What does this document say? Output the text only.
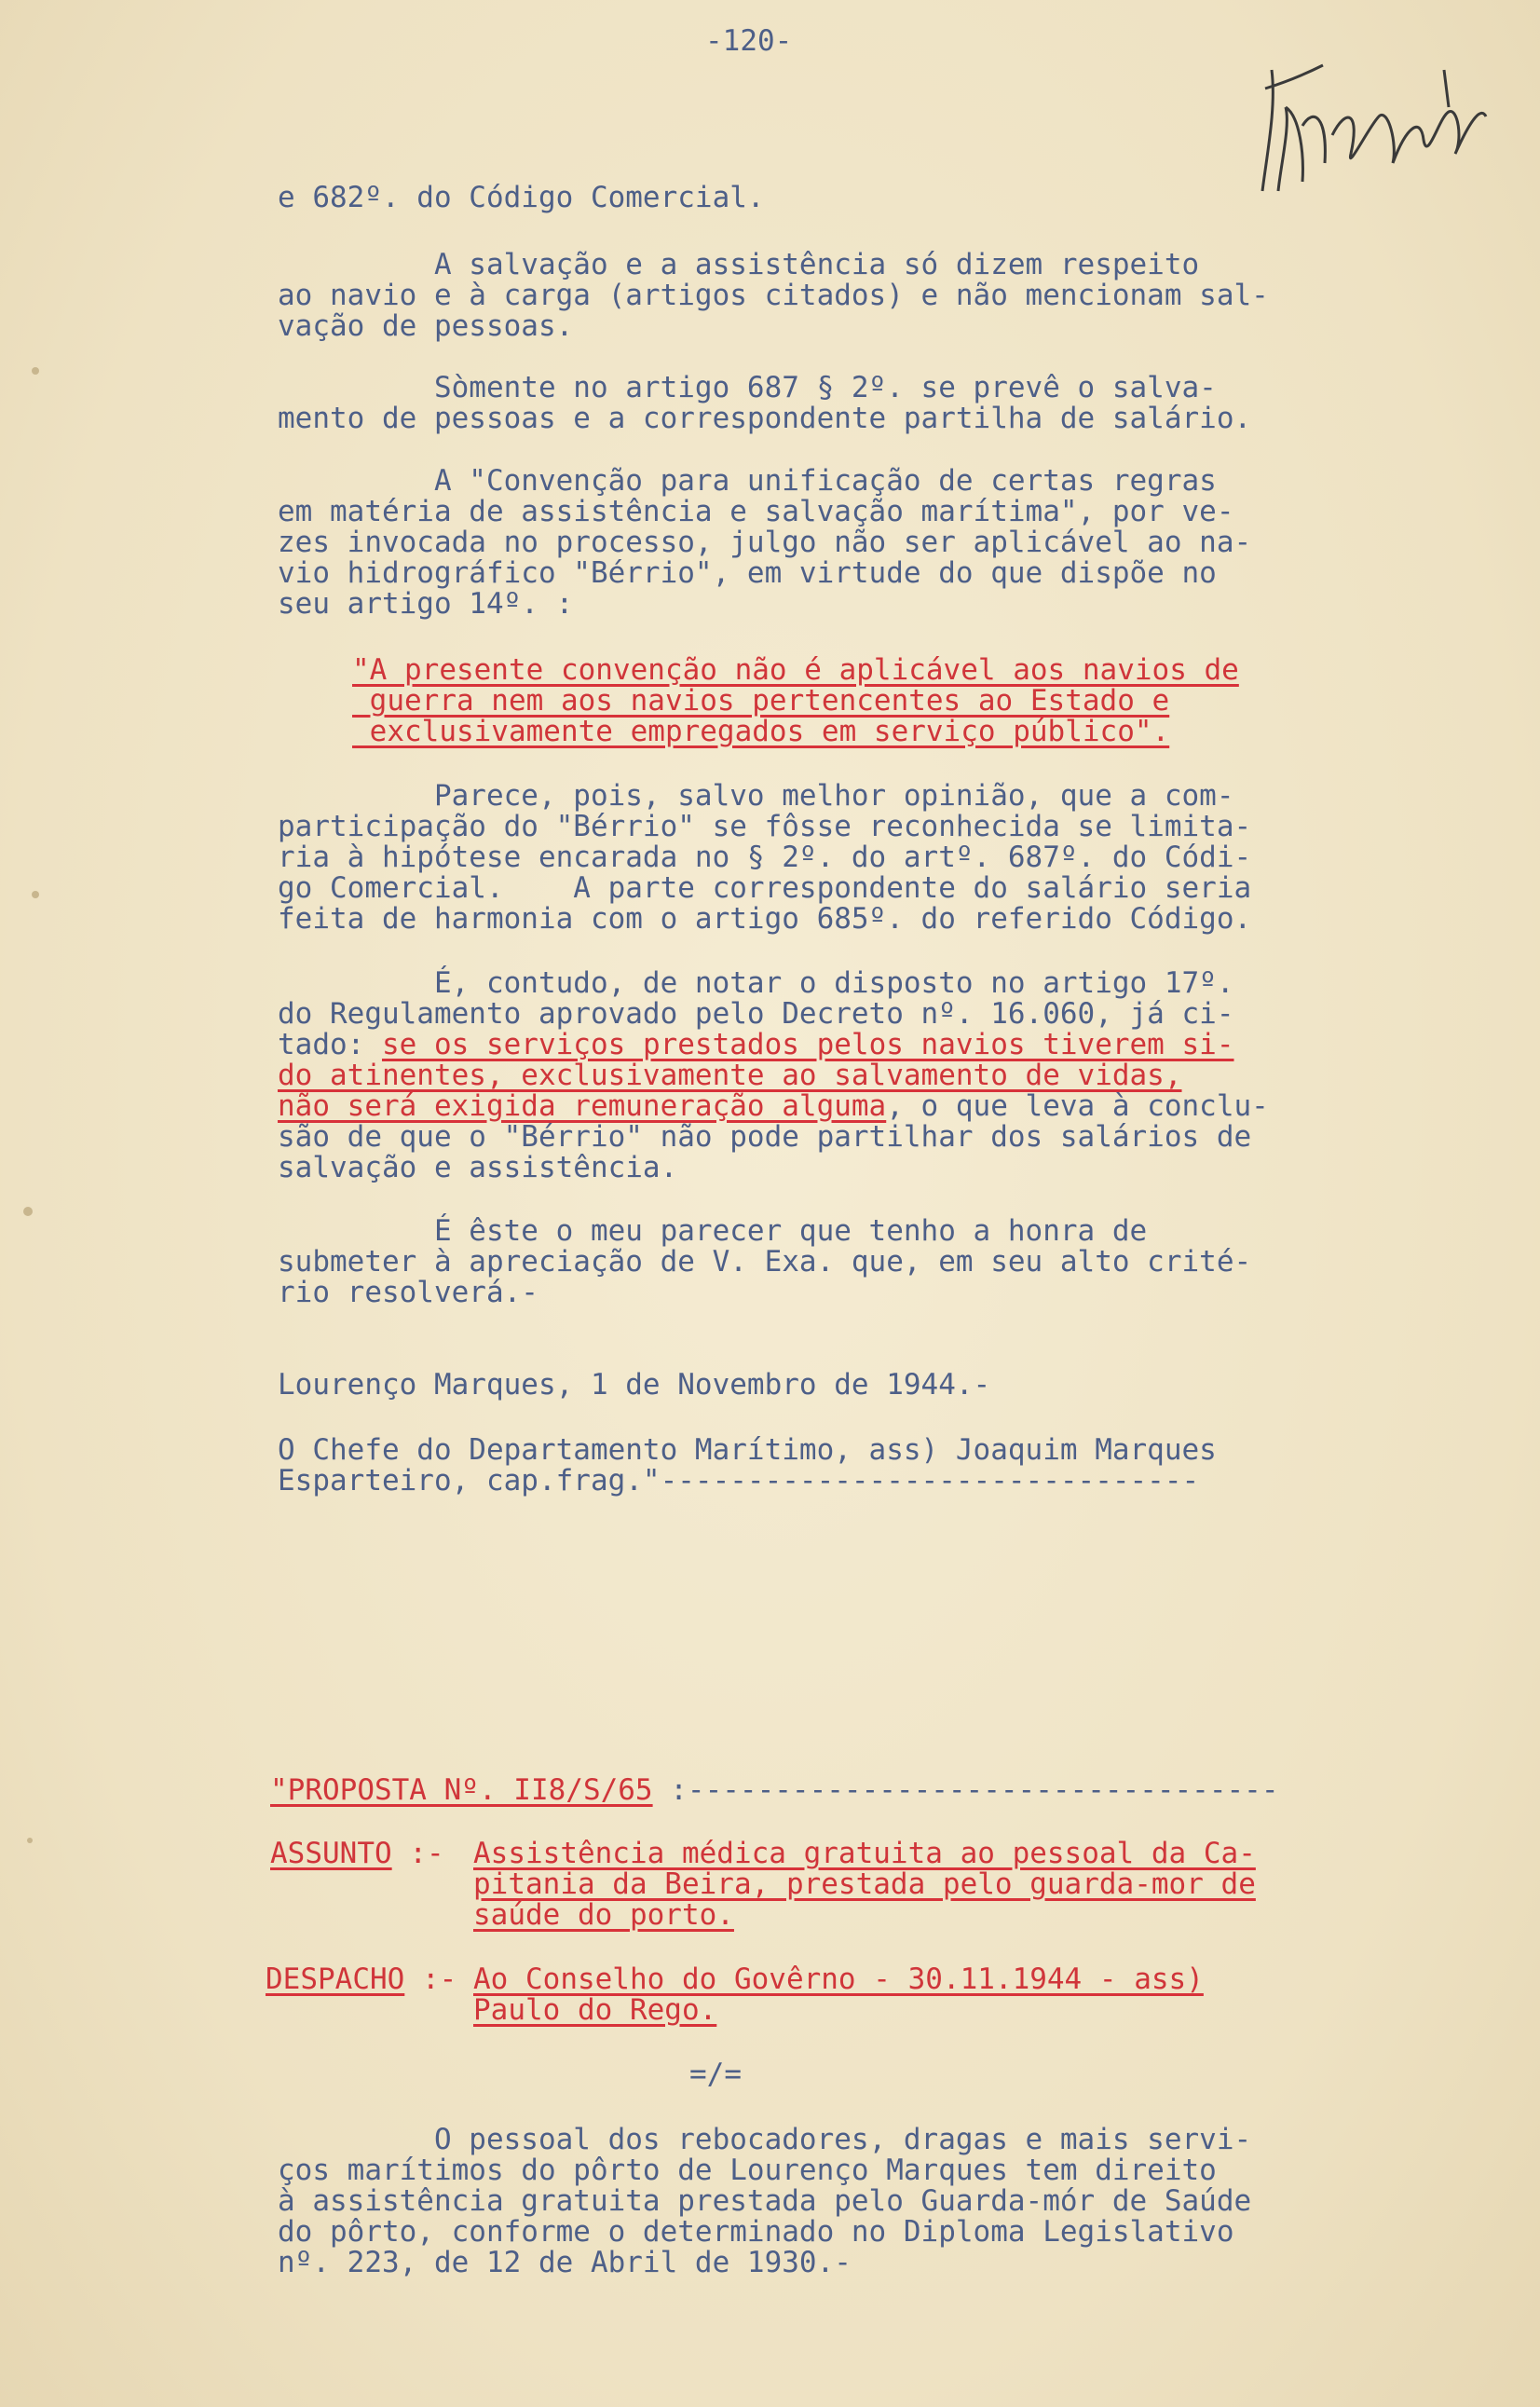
-120-
e 682º. do Código Comercial.
A salvação e a assistência só dizem respeito
ao navio e à carga (artigos citados) e não mencionam sal-
vação de pessoas.
Sòmente no artigo 687 § 2º. se prevê o salva-
mento de pessoas e a correspondente partilha de salário.
A "Convenção para unificação de certas regras
em matéria de assistência e salvação marítima", por ve-
zes invocada no processo, julgo não ser aplicável ao na-
vio hidrográfico "Bérrio", em virtude do que dispõe no
seu artigo 14º. :
"A presente convenção não é aplicável aos navios de
guerra nem aos navios pertencentes ao Estado e
exclusivamente empregados em serviço público".
Parece, pois, salvo melhor opinião, que a com-
participação do "Bérrio" se fôsse reconhecida se limita-
ria à hipótese encarada no § 2º. do artº. 687º. do Códi-
go Comercial.    A parte correspondente do salário seria
feita de harmonia com o artigo 685º. do referido Código.
É, contudo, de notar o disposto no artigo 17º.
do Regulamento aprovado pelo Decreto nº. 16.060, já ci-
tado: se os serviços prestados pelos navios tiverem si-
do atinentes, exclusivamente ao salvamento de vidas,
não será exigida remuneração alguma, o que leva à conclu-
são de que o "Bérrio" não pode partilhar dos salários de
salvação e assistência.
É êste o meu parecer que tenho a honra de
submeter à apreciação de V. Exa. que, em seu alto crité-
rio resolverá.-
Lourenço Marques, 1 de Novembro de 1944.-
O Chefe do Departamento Marítimo, ass) Joaquim Marques
Esparteiro, cap.frag."-------------------------------
"PROPOSTA Nº. II8/S/65 :----------------------------------
ASSUNTO :- Assistência médica gratuita ao pessoal da Ca-
pitania da Beira, prestada pelo guarda-mor de
saúde do porto.
DESPACHO :- Ao Conselho do Govêrno - 30.11.1944 - ass)
Paulo do Rego.
=/=
O pessoal dos rebocadores, dragas e mais servi-
ços marítimos do pôrto de Lourenço Marques tem direito
à assistência gratuita prestada pelo Guarda-mór de Saúde
do pôrto, conforme o determinado no Diploma Legislativo
nº. 223, de 12 de Abril de 1930.-
